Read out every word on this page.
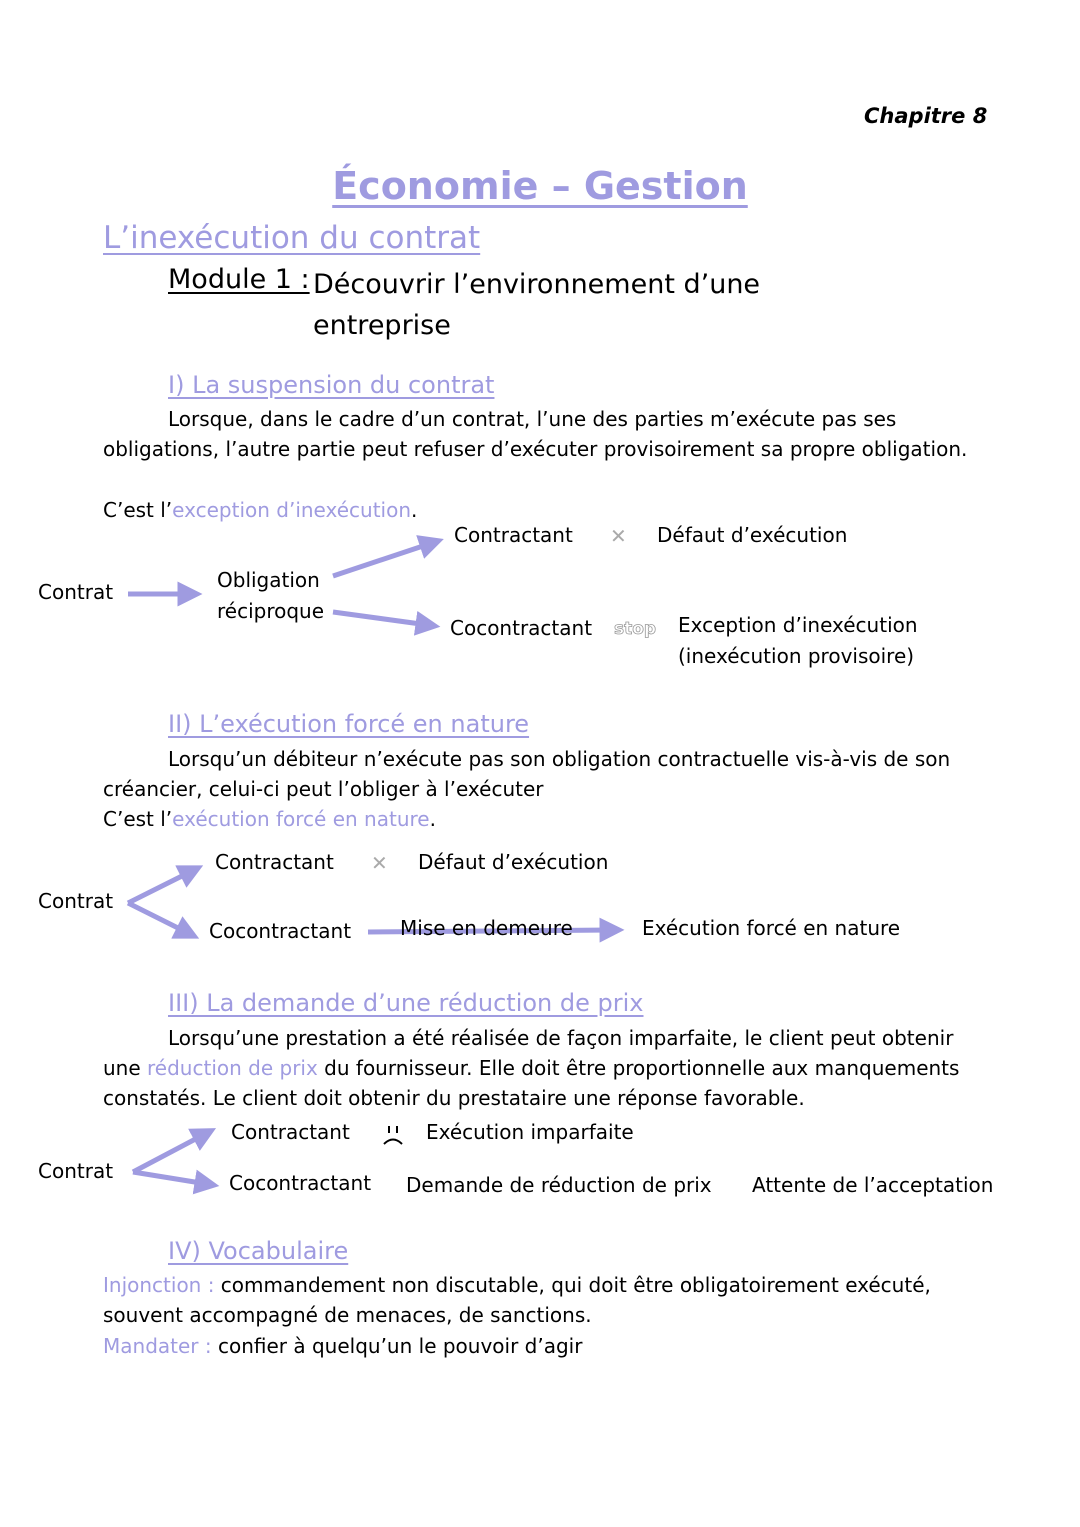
Chapitre 8
Économie – Gestion
L’inexécution du contrat
Module 1 : Découvrir l’environnement d’une entreprise
I) La suspension du contrat
Lorsque, dans le cadre d’un contrat, l’une des parties m’exécute pas ses obligations, l’autre partie peut refuser d’exécuter provisoirement sa propre obligation.
C’est l’exception d’inexécution.
Contrat	Obligation réciproque
Contractant ✕ Défaut d’exécution
Cocontractant stop Exception d’inexécution
(inexécution provisoire)
II) L’exécution forcé en nature
Lorsqu’un débiteur n’exécute pas son obligation contractuelle vis-à-vis de son créancier, celui-ci peut l’obliger à l’exécuter
C’est l’exécution forcé en nature.
Contrat
Contractant ✕ Défaut d’exécution
Cocontractant Mise en demeure	Exécution forcé en nature
III) La demande d’une réduction de prix
Lorsqu’une prestation a été réalisée de façon imparfaite, le client peut obtenir une réduction de prix du fournisseur. Elle doit être proportionnelle aux manquements constatés. Le client doit obtenir du prestataire une réponse favorable.
Contrat
Contractant	Exécution imparfaite
Cocontractant Demande de réduction de prix Attente de l’acceptation
IV) Vocabulaire
Injonction : commandement non discutable, qui doit être obligatoirement exécuté, souvent accompagné de menaces, de sanctions.
Mandater : confier à quelqu’un le pouvoir d’agir
